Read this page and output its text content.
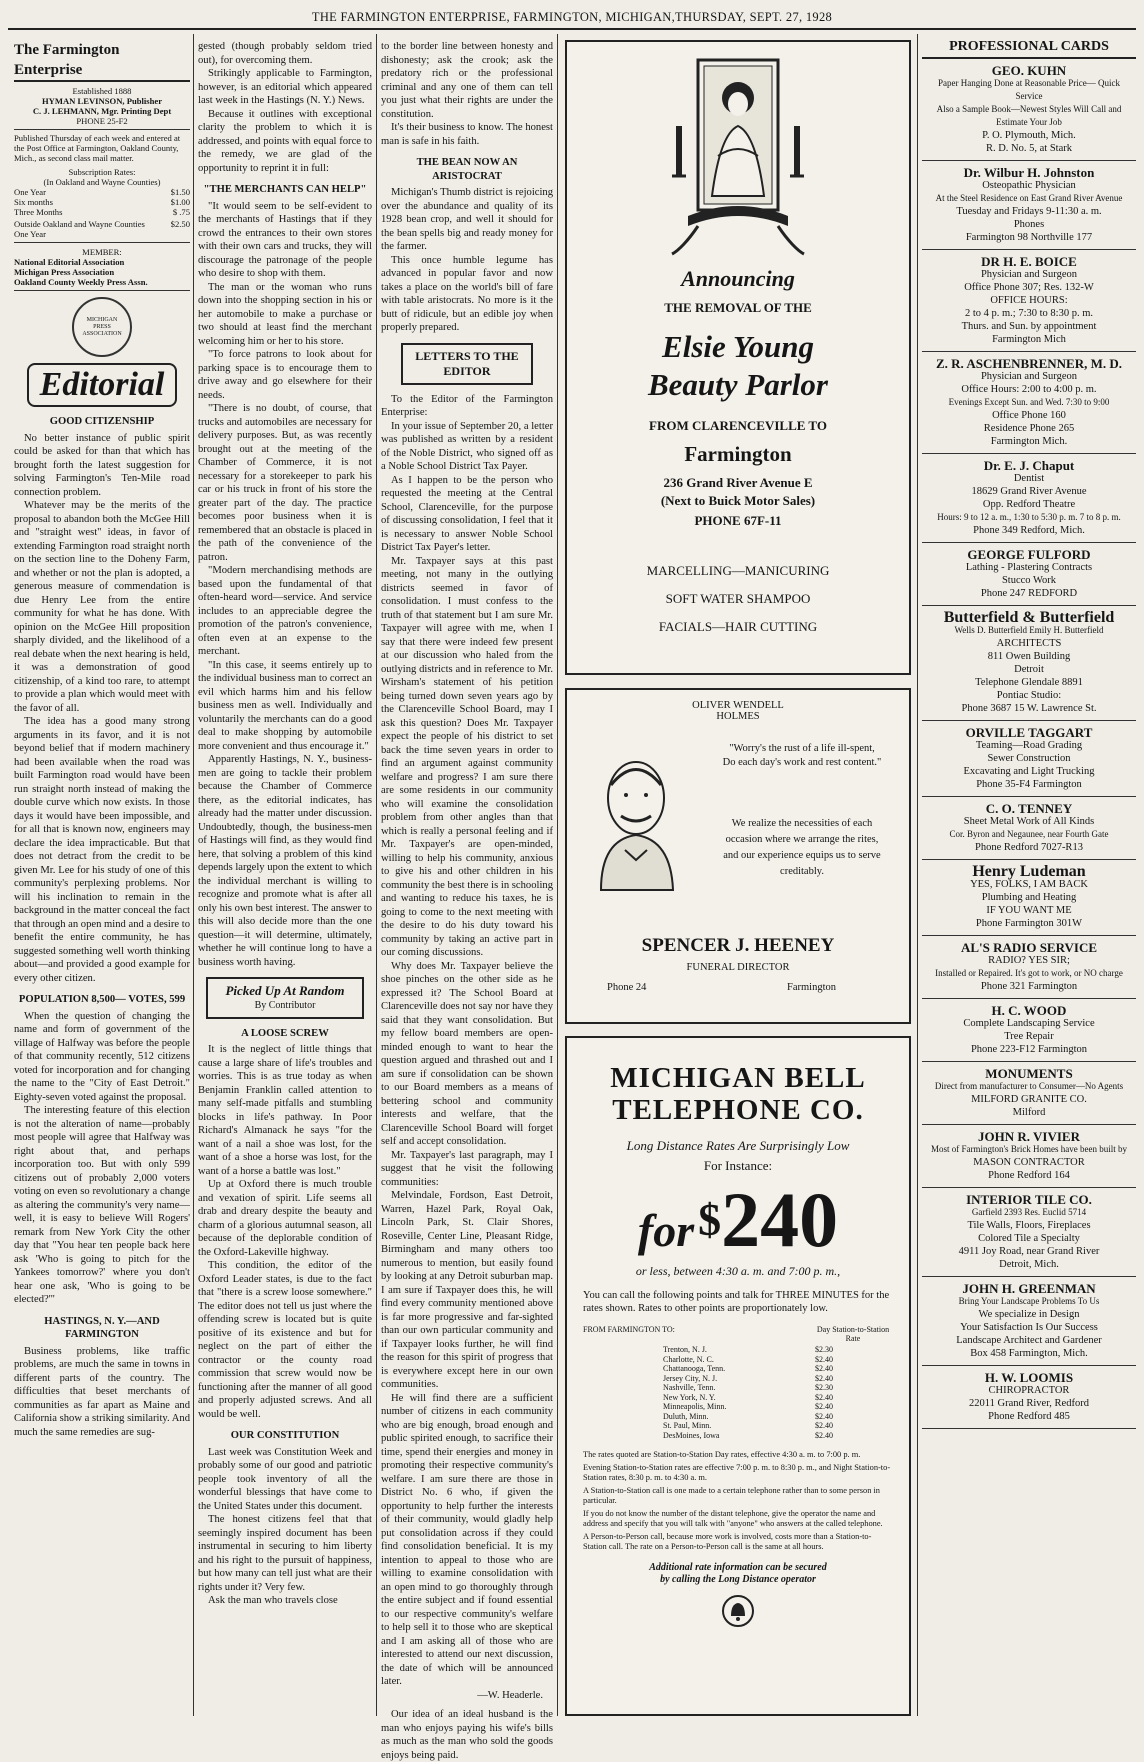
THE FARMINGTON ENTERPRISE, FARMINGTON, MICHIGAN,THURSDAY, SEPT. 27, 1928
The Farmington Enterprise
Established 1888
HYMAN LEVINSON, Publisher
C. J. LEHMANN, Mgr. Printing Dept
PHONE 25-F2
Published Thursday of each week and entered at the Post Office at Farmington, Oakland County, Mich., as second class mail matter.
Subscription Rates:
(In Oakland and Wayne Counties)
One Year	$1.50
Six months	$1.00
Three Months	$ .75
Outside Oakland and Wayne Counties One Year
$2.50
MEMBER:
National Editorial Association
Michigan Press Association
Oakland County Weekly Press Assn.
MICHIGAN PRESS ASSOCIATION
Editorial
GOOD CITIZENSHIP

No better instance of public spirit could be asked for than that which has brought forth the latest suggestion for solving Farmington's Ten-Mile road connection problem.

Whatever may be the merits of the proposal to abandon both the McGee Hill and "straight west" ideas, in favor of extending Farmington road straight north on the section line to the Doheny Farm, and whether or not the plan is adopted, a generous measure of commendation is due Henry Lee from the entire community for what he has done. With opinion on the McGee Hill proposition sharply divided, and the likelihood of a real debate when the next hearing is held, it was a demonstration of good citizenship, of a kind too rare, to attempt to provide a plan which would meet with the favor of all.

The idea has a good many strong arguments in its favor, and it is not beyond belief that if modern machinery had been available when the road was built Farmington road would have been run straight north instead of making the double curve which now exists. In those days it would have been impossible, and for all that is known now, engineers may declare the idea impracticable. But that does not detract from the credit to be given Mr. Lee for his study of one of this community's perplexing problems. Nor will his inclination to remain in the background in the matter conceal the fact that through an open mind and a desire to benefit the entire community, he has suggested something well worth thinking about—and provided a good example for every other citizen.

POPULATION 8,500— VOTES, 599

When the question of changing the name and form of government of the village of Halfway was before the people of that community recently, 512 citizens voted for incorporation and for changing the name to the "City of East Detroit." Eighty-seven voted against the proposal.

The interesting feature of this election is not the alteration of name—probably most people will agree that Halfway was right about that, and perhaps incorporation too. But with only 599 citizens out of probably 2,000 voters voting on even so revolutionary a change as altering the community's very name—well, it is easy to believe Will Rogers' remark from New York City the other day that "You hear ten people back here ask 'Who is going to pitch for the Yankees tomorrow?' where you don't hear one ask, 'Who is going to be elected?'"

HASTINGS, N. Y.—AND FARMINGTON

Business problems, like traffic problems, are much the same in towns in different parts of the country. The difficulties that beset merchants of communities as far apart as Maine and California show a striking similarity. And much the same remedies are sug-

gested (though probably seldom tried out), for overcoming them.

Strikingly applicable to Farmington, however, is an editorial which appeared last week in the Hastings (N. Y.) News.

Because it outlines with exceptional clarity the problem to which it is addressed, and points with equal force to the remedy, we are glad of the opportunity to reprint it in full:

"THE MERCHANTS CAN HELP"

"It would seem to be self-evident to the merchants of Hastings that if they crowd the entrances to their own stores with their own cars and trucks, they will discourage the patronage of the people who desire to shop with them.

The man or the woman who runs down into the shopping section in his or her automobile to make a purchase or two should at least find the merchant welcoming him or her to his store.

"To force patrons to look about for parking space is to encourage them to drive away and go elsewhere for their needs.

"There is no doubt, of course, that trucks and automobiles are necessary for delivery purposes. But, as was recently brought out at the meeting of the Chamber of Commerce, it is not necessary for a storekeeper to park his car or his truck in front of his store the greater part of the day. The practice becomes poor business when it is remembered that an obstacle is placed in the path of the convenience of the patron.

"Modern merchandising methods are based upon the fundamental of that often-heard word—service. And service includes to an appreciable degree the promotion of the patron's convenience, often even at an expense to the merchant.

"In this case, it seems entirely up to the individual business man to correct an evil which harms him and his fellow business men as well. Individually and voluntarily the merchants can do a good deal to make shopping by automobile more convenient and thus encourage it."

Apparently Hastings, N. Y., business-men are going to tackle their problem because the Chamber of Commerce there, as the editorial indicates, has already had the matter under discussion. Undoubtedly, though, the business-men of Hastings will find, as they would find here, that solving a problem of this kind depends largely upon the extent to which the individual merchant is willing to recognize and promote what is after all only his own best interest. The answer to this will also decide more than the one question—it will determine, ultimately, whether he will continue long to have a business worth having.

Picked Up At Random
By Contributor
A LOOSE SCREW

It is the neglect of little things that cause a large share of life's troubles and worries. This is as true today as when Benjamin Franklin called attention to many self-made pitfalls and stumbling blocks in life's pathway. In Poor Richard's Almanack he says "for the want of a nail a shoe was lost, for the want of a shoe a horse was lost, for the want of a horse a battle was lost."

Up at Oxford there is much trouble and vexation of spirit. Life seems all drab and dreary despite the beauty and charm of a glorious autumnal season, all because of the deplorable condition of the Oxford-Lakeville highway.

This condition, the editor of the Oxford Leader states, is due to the fact that "there is a screw loose somewhere." The editor does not tell us just where the offending screw is located but is quite positive of its existence and but for neglect on the part of either the contractor or the county road commission that screw would now be functioning after the manner of all good and properly adjusted screws. And all would be well.

OUR CONSTITUTION

Last week was Constitution Week and probably some of our good and patriotic people took inventory of all the wonderful blessings that have come to the United States under this document.

The honest citizens feel that that seemingly inspired document has been instrumental in securing to him liberty and his right to the pursuit of happiness, but how many can tell just what are their rights under it? Very few.

Ask the man who travels close

to the border line between honesty and dishonesty; ask the crook; ask the predatory rich or the professional criminal and any one of them can tell you just what their rights are under the constitution.

It's their business to know. The honest man is safe in his faith.

THE BEAN NOW AN ARISTOCRAT

Michigan's Thumb district is rejoicing over the abundance and quality of its 1928 bean crop, and well it should for the bean spells big and ready money for the farmer.

This once humble legume has advanced in popular favor and now takes a place on the world's bill of fare with table aristocrats. No more is it the butt of ridicule, but an edible joy when properly prepared.

LETTERS TO THE EDITOR

To the Editor of the Farmington Enterprise:

In your issue of September 20, a letter was published as written by a resident of the Noble District, who signed off as a Noble School District Tax Payer.

As I happen to be the person who requested the meeting at the Central School, Clarenceville, for the purpose of discussing consolidation, I feel that it is necessary to answer Noble School District Tax Payer's letter.

Mr. Taxpayer says at this past meeting, not many in the outlying districts seemed in favor of consolidation. I must confess to the truth of that statement but I am sure Mr. Taxpayer will agree with me, when I say that there were indeed few present at our discussion who haled from the outlying districts and in reference to Mr. Wirsham's statement of his petition being turned down seven years ago by the Clarenceville School Board, may I ask this question? Does Mr. Taxpayer expect the people of his district to set back the time seven years in order to find an argument against community welfare and progress? I am sure there are some residents in our community who will examine the consolidation problem from other angles than that which is really a personal feeling and if Mr. Taxpayer's are open-minded, willing to help his community, anxious to give his and other children in his community the best there is in schooling and wanting to reduce his taxes, he is going to come to the next meeting with the desire to do his duty toward his community by taking an active part in our coming discussions.

Why does Mr. Taxpayer believe the shoe pinches on the other side as he expressed it? The School Board at Clarenceville does not say nor have they said that they want consolidation. But my fellow board members are open-minded enough to want to hear the question argued and thrashed out and I am sure if consolidation can be shown to our Board members as a means of bettering school and community interests and welfare, that the Clarenceville School Board will forget self and accept consolidation.

Mr. Taxpayer's last paragraph, may I suggest that he visit the following communities:

Melvindale, Fordson, East Detroit, Warren, Hazel Park, Royal Oak, Lincoln Park, St. Clair Shores, Roseville, Center Line, Pleasant Ridge, Birmingham and many others too numerous to mention, but easily found by looking at any Detroit suburban map. I am sure if Taxpayer does this, he will find every community mentioned above is far more progressive and far-sighted than our own particular community and if Taxpayer looks further, he will find the reason for this spirit of progress that is everywhere except here in our own communities.

He will find there are a sufficient number of citizens in each community who are big enough, broad enough and public spirited enough, to sacrifice their time, spend their energies and money in promoting their respective community's welfare. I am sure there are those in District No. 6 who, if given the opportunity to help further the interests of their community, would gladly help put consolidation across if they could find consolidation beneficial. It is my intention to appeal to those who are willing to examine consolidation with an open mind to go thoroughly through the entire subject and if found essential to our respective community's welfare to help sell it to those who are skeptical and I am asking all of those who are interested to attend our next discussion, the date of which will be announced later.

—W. Headerle.

Our idea of an ideal husband is the man who enjoys paying his wife's bills as much as the man who sold the goods enjoys being paid.

Announcing
THE REMOVAL OF THE
Elsie Young
Beauty Parlor
FROM CLARENCEVILLE TO
Farmington
236 Grand River Avenue E
(Next to Buick Motor Sales)
PHONE 67F-11
MARCELLING—MANICURING
SOFT WATER SHAMPOO
FACIALS—HAIR CUTTING
OLIVER WENDELL
HOLMES
"Worry's the rust of a life ill-spent,
Do each day's work and rest content."
We realize the necessities of each occasion where we arrange the rites, and our experience equips us to serve creditably.
SPENCER J. HEENEY
FUNERAL DIRECTOR
Phone 24	Farmington
MICHIGAN BELL
TELEPHONE CO.
Long Distance Rates Are Surprisingly Low
For Instance:
for $240
or less, between 4:30 a. m. and 7:00 p. m.,
You can call the following points and talk for THREE MINUTES for the rates shown. Rates to other points are proportionately low.
FROM FARMINGTON TO:	Day Station-to-Station Rate
Trenton, N. J.	$2.30
Charlotte, N. C.	$2.40
Chattanooga, Tenn.	$2.40
Jersey City, N. J.	$2.40
Nashville, Tenn.	$2.30
New York, N. Y.	$2.40
Minneapolis, Minn.	$2.40
Duluth, Minn.	$2.40
St. Paul, Minn.	$2.40
DesMoines, Iowa	$2.40
The rates quoted are Station-to-Station Day rates, effective 4:30 a. m. to 7:00 p. m.
Evening Station-to-Station rates are effective 7:00 p. m. to 8:30 p. m., and Night Station-to-Station rates, 8:30 p. m. to 4:30 a. m.
A Station-to-Station call is one made to a certain telephone rather than to some person in particular.
If you do not know the number of the distant telephone, give the operator the name and address and specify that you will talk with "anyone" who answers at the called telephone.
A Person-to-Person call, because more work is involved, costs more than a Station-to-Station call. The rate on a Person-to-Person call is the same at all hours.
Additional rate information can be secured
by calling the Long Distance operator
PROFESSIONAL CARDS
GEO. KUHN
Paper Hanging Done at Reasonable Price— Quick Service
Also a Sample Book—Newest Styles Will Call and Estimate Your Job
P. O. Plymouth, Mich.
R. D. No. 5, at Stark
Dr. Wilbur H. Johnston
Osteopathic Physician
At the Steel Residence on East Grand River Avenue
Tuesday and Fridays 9-11:30 a. m.
Phones
Farmington 98 Northville 177
DR H. E. BOICE
Physician and Surgeon
Office Phone 307; Res. 132-W
OFFICE HOURS:
2 to 4 p. m.; 7:30 to 8:30 p. m.
Thurs. and Sun. by appointment
Farmington Mich
Z. R. ASCHENBRENNER, M. D.
Physician and Surgeon
Office Hours: 2:00 to 4:00 p. m.
Evenings Except Sun. and Wed. 7:30 to 9:00
Office Phone 160
Residence Phone 265
Farmington Mich.
Dr. E. J. Chaput
Dentist
18629 Grand River Avenue
Opp. Redford Theatre
Hours: 9 to 12 a. m., 1:30 to 5:30 p. m. 7 to 8 p. m.
Phone 349 Redford, Mich.
GEORGE FULFORD
Lathing - Plastering Contracts
Stucco Work
Phone 247 REDFORD
Butterfield & Butterfield
Wells D. Butterfield Emily H. Butterfield
ARCHITECTS
811 Owen Building
Detroit
Telephone Glendale 8891
Pontiac Studio:
Phone 3687 15 W. Lawrence St.
ORVILLE TAGGART
Teaming—Road Grading
Sewer Construction
Excavating and Light Trucking
Phone 35-F4 Farmington
C. O. TENNEY
Sheet Metal Work of All Kinds
Cor. Byron and Negaunee, near Fourth Gate
Phone Redford 7027-R13
Henry Ludeman
YES, FOLKS, I AM BACK
Plumbing and Heating
IF YOU WANT ME
Phone Farmington 301W
AL'S RADIO SERVICE
RADIO? YES SIR;
Installed or Repaired. It's got to work, or NO charge
Phone 321 Farmington
H. C. WOOD
Complete Landscaping Service
Tree Repair
Phone 223-F12 Farmington
MONUMENTS
Direct from manufacturer to Consumer—No Agents
MILFORD GRANITE CO.
Milford
JOHN R. VIVIER
Most of Farmington's Brick Homes have been built by
MASON CONTRACTOR
Phone Redford 164
INTERIOR TILE CO.
Garfield 2393 Res. Euclid 5714
Tile Walls, Floors, Fireplaces
Colored Tile a Specialty
4911 Joy Road, near Grand River
Detroit, Mich.
JOHN H. GREENMAN
Bring Your Landscape Problems To Us
We specialize in Design
Your Satisfaction Is Our Success
Landscape Architect and Gardener
Box 458 Farmington, Mich.
H. W. LOOMIS
CHIROPRACTOR
22011 Grand River, Redford
Phone Redford 485
